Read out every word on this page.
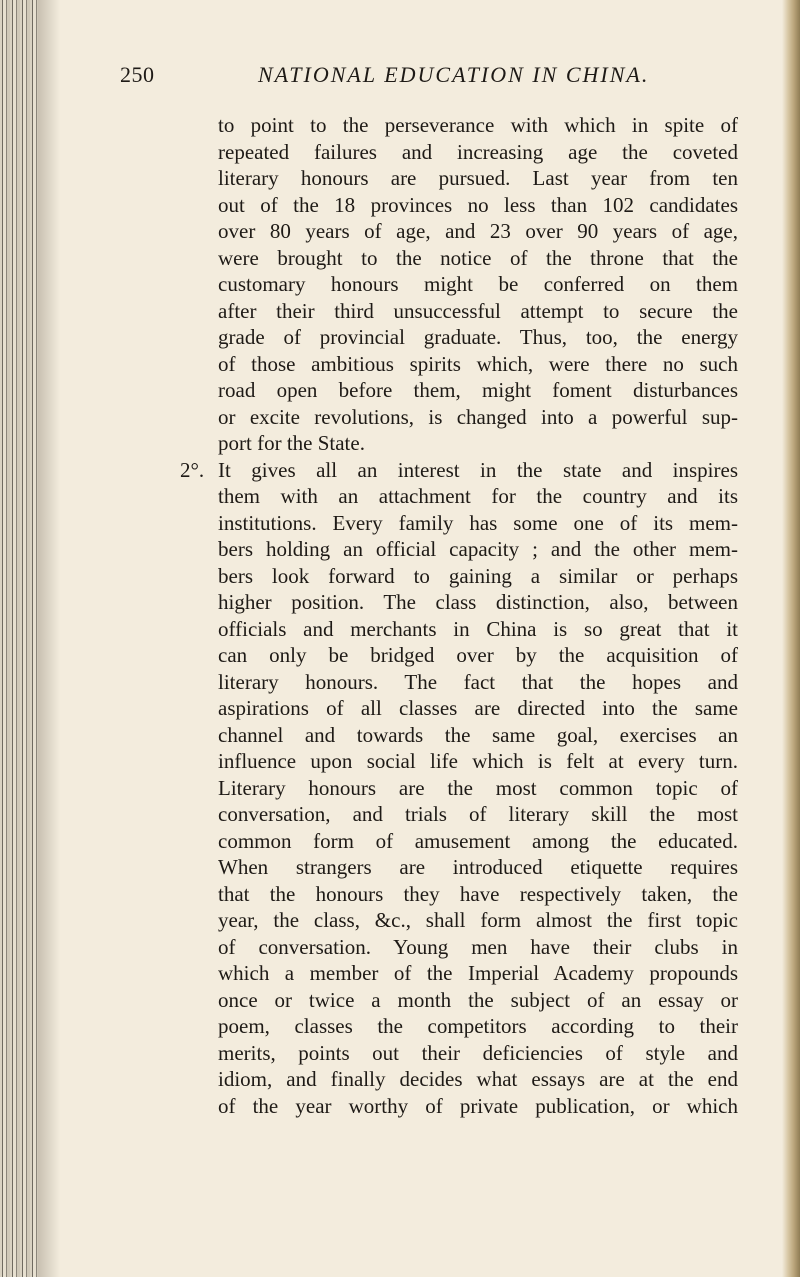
250	NATIONAL EDUCATION IN CHINA.
to point to the perseverance with which in spite of
repeated failures and increasing age the coveted
literary honours are pursued. Last year from ten
out of the 18 provinces no less than 102 candidates
over 80 years of age, and 23 over 90 years of age,
were brought to the notice of the throne that the
customary honours might be conferred on them
after their third unsuccessful attempt to secure the
grade of provincial graduate. Thus, too, the energy
of those ambitious spirits which, were there no such
road open before them, might foment disturbances
or excite revolutions, is changed into a powerful sup-
port for the State.
2°. It gives all an interest in the state and inspires
them with an attachment for the country and its
institutions. Every family has some one of its mem-
bers holding an official capacity ; and the other mem-
bers look forward to gaining a similar or perhaps
higher position. The class distinction, also, between
officials and merchants in China is so great that it
can only be bridged over by the acquisition of
literary honours. The fact that the hopes and
aspirations of all classes are directed into the same
channel and towards the same goal, exercises an
influence upon social life which is felt at every turn.
Literary honours are the most common topic of
conversation, and trials of literary skill the most
common form of amusement among the educated.
When strangers are introduced etiquette requires
that the honours they have respectively taken, the
year, the class, &c., shall form almost the first topic
of conversation. Young men have their clubs in
which a member of the Imperial Academy propounds
once or twice a month the subject of an essay or
poem, classes the competitors according to their
merits, points out their deficiencies of style and
idiom, and finally decides what essays are at the end
of the year worthy of private publication, or which
